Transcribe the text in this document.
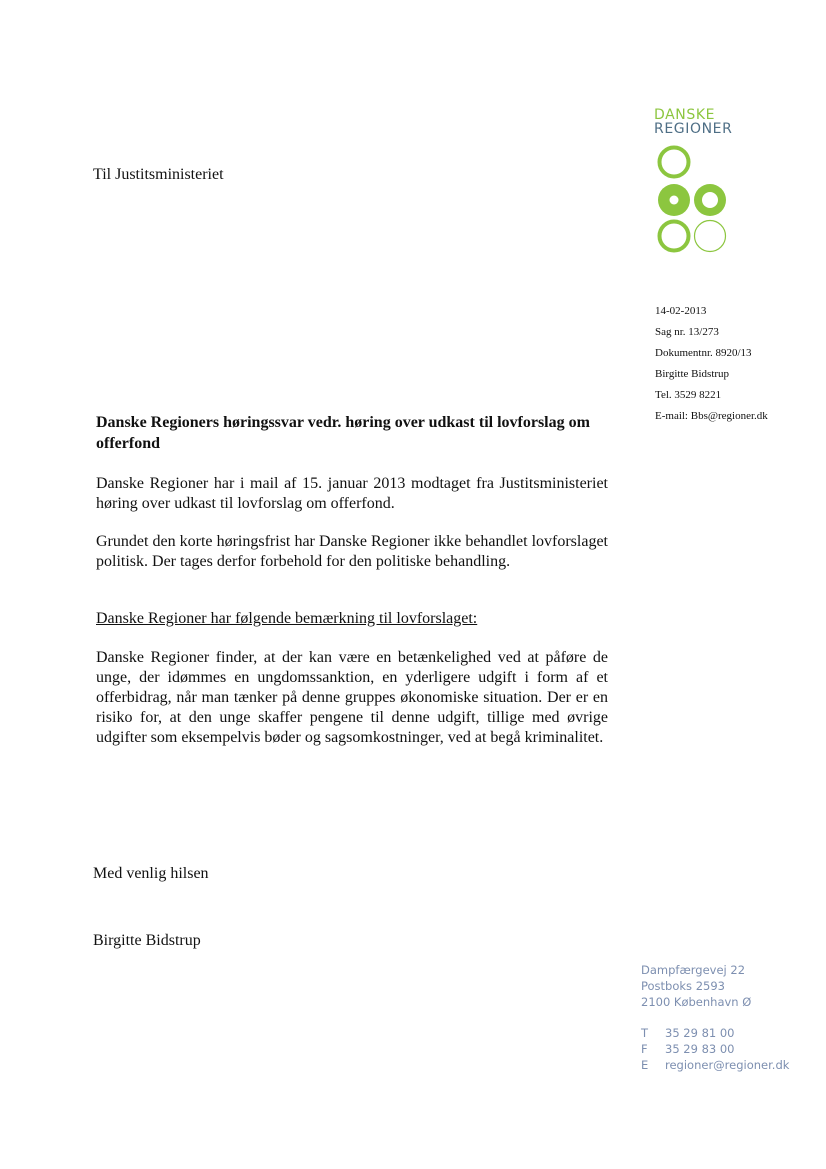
Til Justitsministeriet
DANSKE
REGIONER
14-02-2013
Sag nr. 13/273
Dokumentnr. 8920/13
Birgitte Bidstrup
Tel. 3529 8221
E-mail: Bbs@regioner.dk
Danske Regioners høringssvar vedr. høring over udkast til lovforslag om offerfond
Danske Regioner har i mail af 15. januar 2013 modtaget fra Justitsministeriet høring over udkast til lovforslag om offerfond.
Grundet den korte høringsfrist har Danske Regioner ikke behandlet lovforslaget politisk. Der tages derfor forbehold for den politiske behandling.
Danske Regioner har følgende bemærkning til lovforslaget:
Danske Regioner finder, at der kan være en betænkelighed ved at påføre de unge, der idømmes en ungdomssanktion, en yderligere udgift i form af et offerbidrag, når man tænker på denne gruppes økonomiske situation. Der er en risiko for, at den unge skaffer pengene til denne udgift, tillige med øvrige udgifter som eksempelvis bøder og sagsomkostninger, ved at begå kriminalitet.
Med venlig hilsen
Birgitte Bidstrup
Dampfærgevej 22
Postboks 2593
2100 København Ø
T 35 29 81 00
F 35 29 83 00
E regioner@regioner.dk
